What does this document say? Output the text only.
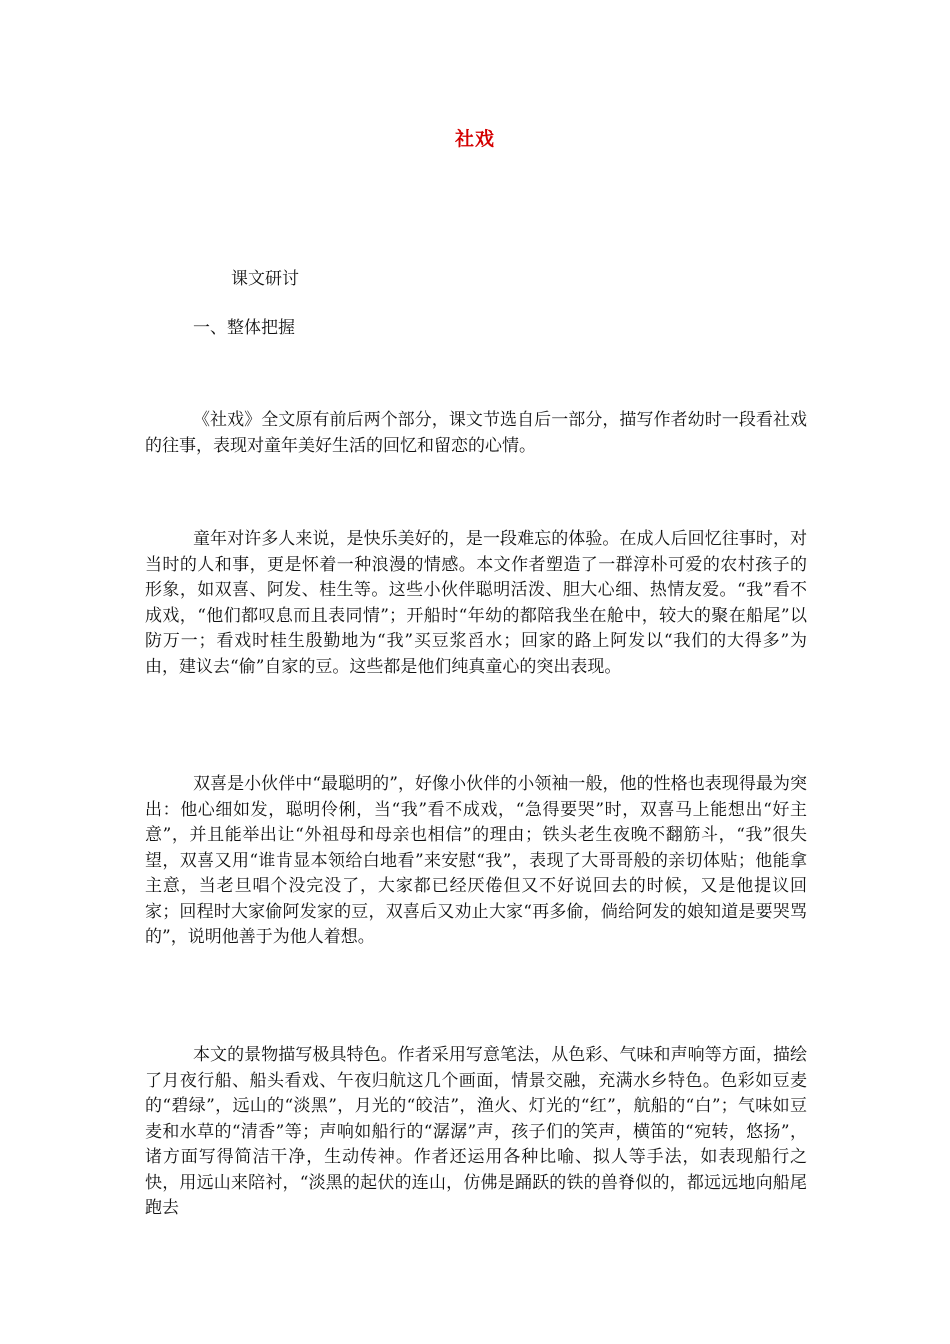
社戏
课文研讨
一、整体把握
《社戏》全文原有前后两个部分，课文节选自后一部分，描写作者幼时一段看社戏的往事，表现对童年美好生活的回忆和留恋的心情。
童年对许多人来说，是快乐美好的，是一段难忘的体验。在成人后回忆往事时，对当时的人和事，更是怀着一种浪漫的情感。本文作者塑造了一群淳朴可爱的农村孩子的形象，如双喜、阿发、桂生等。这些小伙伴聪明活泼、胆大心细、热情友爱。“我”看不成戏，“他们都叹息而且表同情”；开船时“年幼的都陪我坐在舱中，较大的聚在船尾”以防万一；看戏时桂生殷勤地为“我”买豆浆舀水；回家的路上阿发以“我们的大得多”为由，建议去“偷”自家的豆。这些都是他们纯真童心的突出表现。
双喜是小伙伴中“最聪明的”，好像小伙伴的小领袖一般，他的性格也表现得最为突出：他心细如发，聪明伶俐，当“我”看不成戏，“急得要哭”时，双喜马上能想出“好主意”，并且能举出让“外祖母和母亲也相信”的理由；铁头老生夜晚不翻筋斗，“我”很失望，双喜又用“谁肯显本领给白地看”来安慰“我”，表现了大哥哥般的亲切体贴；他能拿主意，当老旦唱个没完没了，大家都已经厌倦但又不好说回去的时候，又是他提议回家；回程时大家偷阿发家的豆，双喜后又劝止大家“再多偷，倘给阿发的娘知道是要哭骂的”，说明他善于为他人着想。
本文的景物描写极具特色。作者采用写意笔法，从色彩、气味和声响等方面，描绘了月夜行船、船头看戏、午夜归航这几个画面，情景交融，充满水乡特色。色彩如豆麦的“碧绿”，远山的“淡黑”，月光的“皎洁”，渔火、灯光的“红”，航船的“白”；气味如豆麦和水草的“清香”等；声响如船行的“潺潺”声，孩子们的笑声，横笛的“宛转，悠扬”，诸方面写得简洁干净，生动传神。作者还运用各种比喻、拟人等手法，如表现船行之快，用远山来陪衬，“淡黑的起伏的连山，仿佛是踊跃的铁的兽脊似的，都远远地向船尾跑去
